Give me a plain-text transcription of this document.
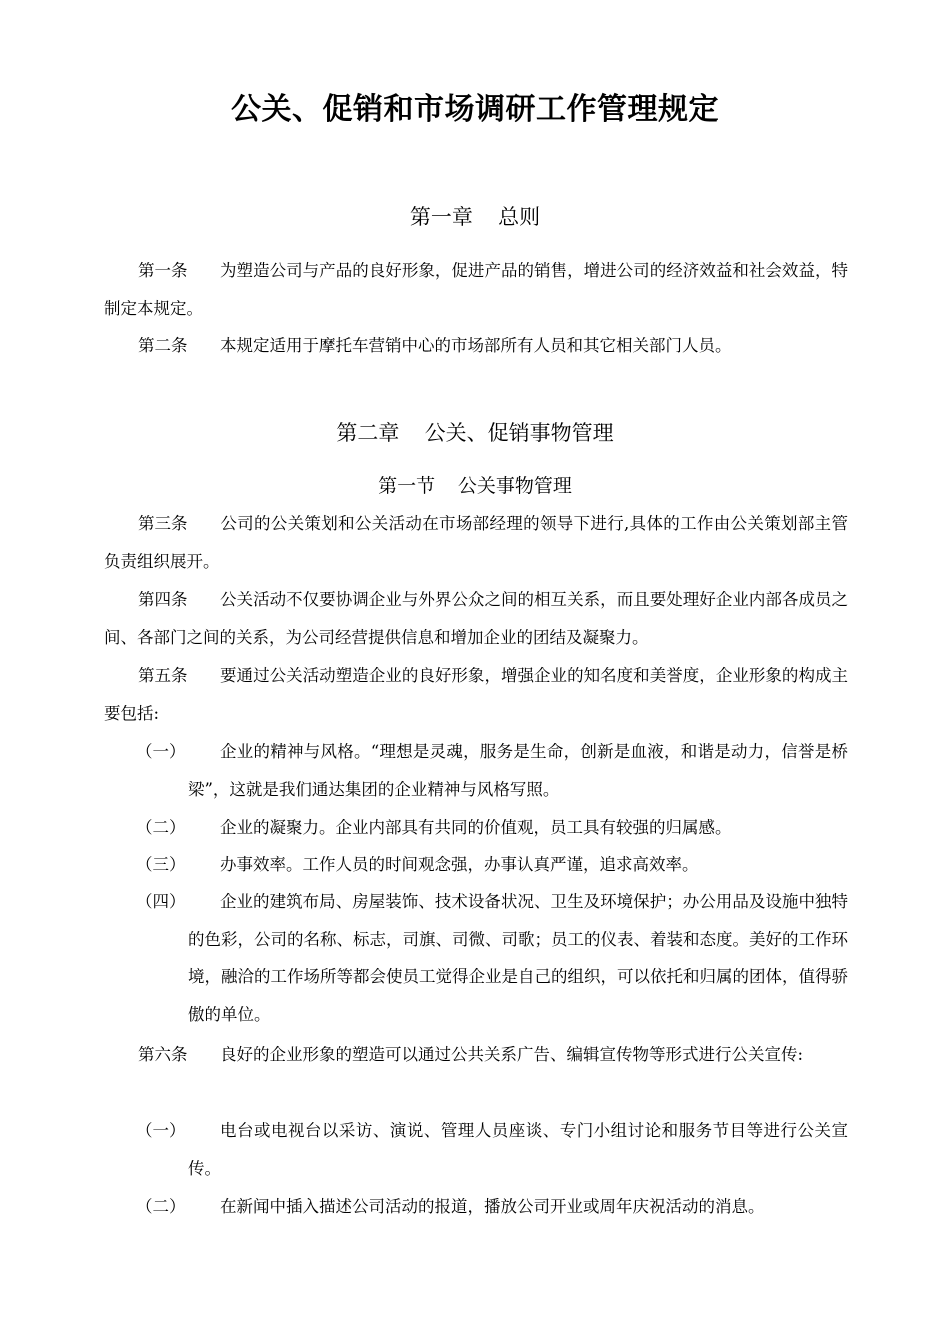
公关、促销和市场调研工作管理规定
第一章 总则
第一条 为塑造公司与产品的良好形象，促进产品的销售，增进公司的经济效益和社会效益，特制定本规定。
第二条 本规定适用于摩托车营销中心的市场部所有人员和其它相关部门人员。
第二章 公关、促销事物管理
第一节 公关事物管理
第三条 公司的公关策划和公关活动在市场部经理的领导下进行,具体的工作由公关策划部主管负责组织展开。
第四条 公关活动不仅要协调企业与外界公众之间的相互关系，而且要处理好企业内部各成员之间、各部门之间的关系，为公司经营提供信息和增加企业的团结及凝聚力。
第五条 要通过公关活动塑造企业的良好形象，增强企业的知名度和美誉度，企业形象的构成主要包括:
（一）	企业的精神与风格。“理想是灵魂，服务是生命，创新是血液，和谐是动力，信誉是桥梁”，这就是我们通达集团的企业精神与风格写照。
（二）	企业的凝聚力。企业内部具有共同的价值观，员工具有较强的归属感。
（三）	办事效率。工作人员的时间观念强，办事认真严谨，追求高效率。
（四）	企业的建筑布局、房屋装饰、技术设备状况、卫生及环境保护；办公用品及设施中独特的色彩，公司的名称、标志，司旗、司微、司歌；员工的仪表、着装和态度。美好的工作环境，融洽的工作场所等都会使员工觉得企业是自己的组织，可以依托和归属的团体，值得骄傲的单位。
第六条 良好的企业形象的塑造可以通过公共关系广告、编辑宣传物等形式进行公关宣传:
（一）	电台或电视台以采访、演说、管理人员座谈、专门小组讨论和服务节目等进行公关宣传。
（二）	在新闻中插入描述公司活动的报道，播放公司开业或周年庆祝活动的消息。
